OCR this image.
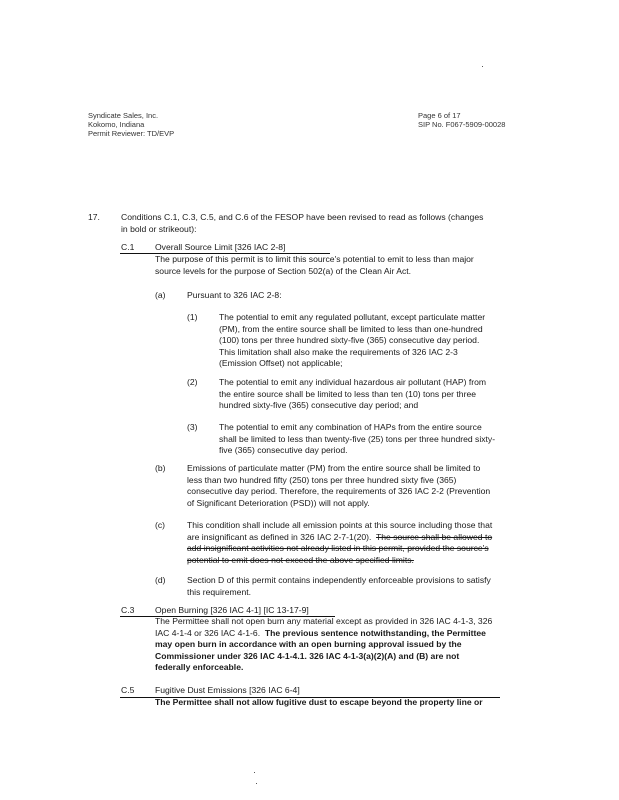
Syndicate Sales, Inc.
Kokomo, Indiana
Permit Reviewer: TD/EVP
Page 6 of 17
SIP No. F067-5909-00028
17. Conditions C.1, C.3, C.5, and C.6 of the FESOP have been revised to read as follows (changes
in bold or strikeout):
C.1 Overall Source Limit [326 IAC 2-8]
The purpose of this permit is to limit this source's potential to emit to less than major
source levels for the purpose of Section 502(a) of the Clean Air Act.
(a) Pursuant to 326 IAC 2-8:
(1) The potential to emit any regulated pollutant, except particulate matter
(PM), from the entire source shall be limited to less than one-hundred
(100) tons per three hundred sixty-five (365) consecutive day period.
This limitation shall also make the requirements of 326 IAC 2-3
(Emission Offset) not applicable;
(2) The potential to emit any individual hazardous air pollutant (HAP) from
the entire source shall be limited to less than ten (10) tons per three
hundred sixty-five (365) consecutive day period; and
(3) The potential to emit any combination of HAPs from the entire source
shall be limited to less than twenty-five (25) tons per three hundred sixty-
five (365) consecutive day period.
(b) Emissions of particulate matter (PM) from the entire source shall be limited to
less than two hundred fifty (250) tons per three hundred sixty five (365)
consecutive day period. Therefore, the requirements of 326 IAC 2-2 (Prevention
of Significant Deterioration (PSD)) will not apply.
(c)	This condition shall include all emission points at this source including those that
are insignificant as defined in 326 IAC 2-7-1(20). The source shall be allowed to
add insignificant activities not already listed in this permit, provided the source's
potential to emit does not exceed the above specified limits.
(d) Section D of this permit contains independently enforceable provisions to satisfy
this requirement.
C.3 Open Burning [326 IAC 4-1] [IC 13-17-9]
The Permittee shall not open burn any material except as provided in 326 IAC 4-1-3, 326
IAC 4-1-4 or 326 IAC 4-1-6. The previous sentence notwithstanding, the Permittee
may open burn in accordance with an open burning approval issued by the
Commissioner under 326 IAC 4-1-4.1. 326 IAC 4-1-3(a)(2)(A) and (B) are not
federally enforceable.
C.5 Fugitive Dust Emissions [326 IAC 6-4]
The Permittee shall not allow fugitive dust to escape beyond the property line or
